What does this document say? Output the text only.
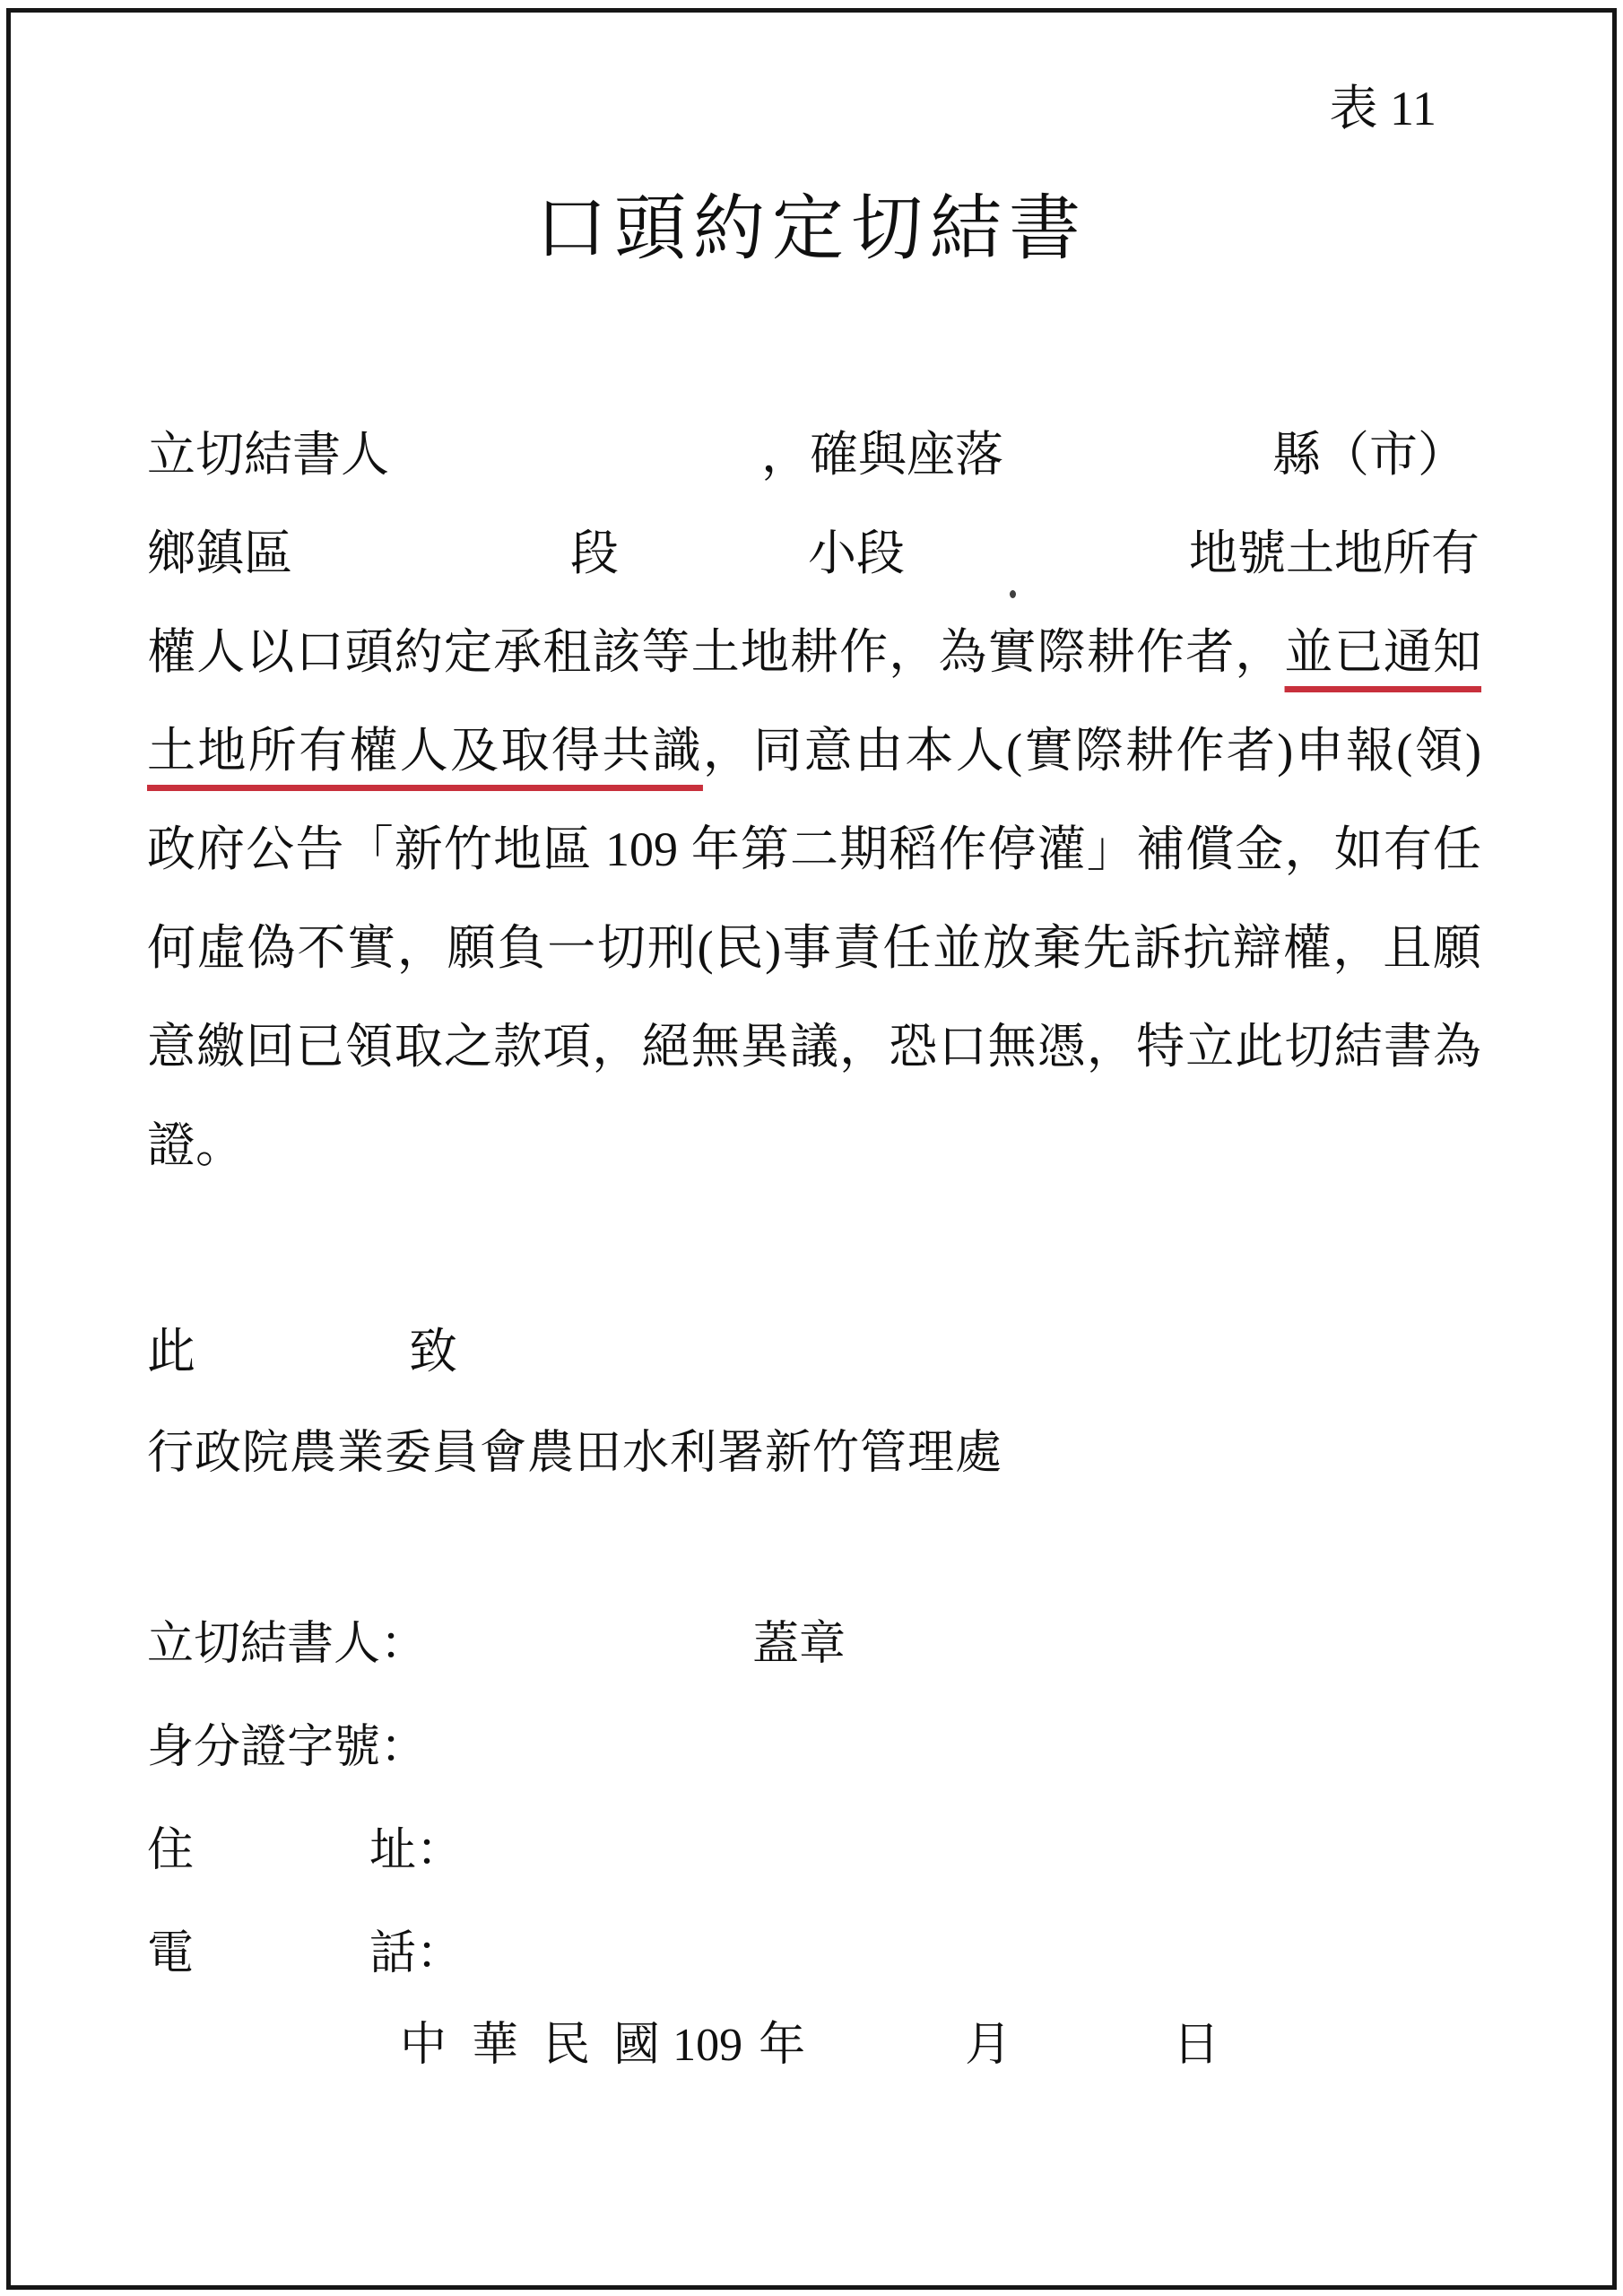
表 11
口頭約定切結書
立切結書人	，確與座落	縣（市）
鄉鎮區	段	小段	地號土地所有
權人以口頭約定承租該等土地耕作，為實際耕作者，並已通知
土地所有權人及取得共識，同意由本人(實際耕作者)申報(領)
政府公告「新竹地區 109 年第二期稻作停灌」補償金，如有任
何虛偽不實，願負一切刑(民)事責任並放棄先訴抗辯權，且願
意繳回已領取之款項，絕無異議，恐口無憑，特立此切結書為
證。
此	致
行政院農業委員會農田水利署新竹管理處
立切結書人：	蓋章
身分證字號：
住	址：
電	話：
中 華 民 國 109 年	月	日
